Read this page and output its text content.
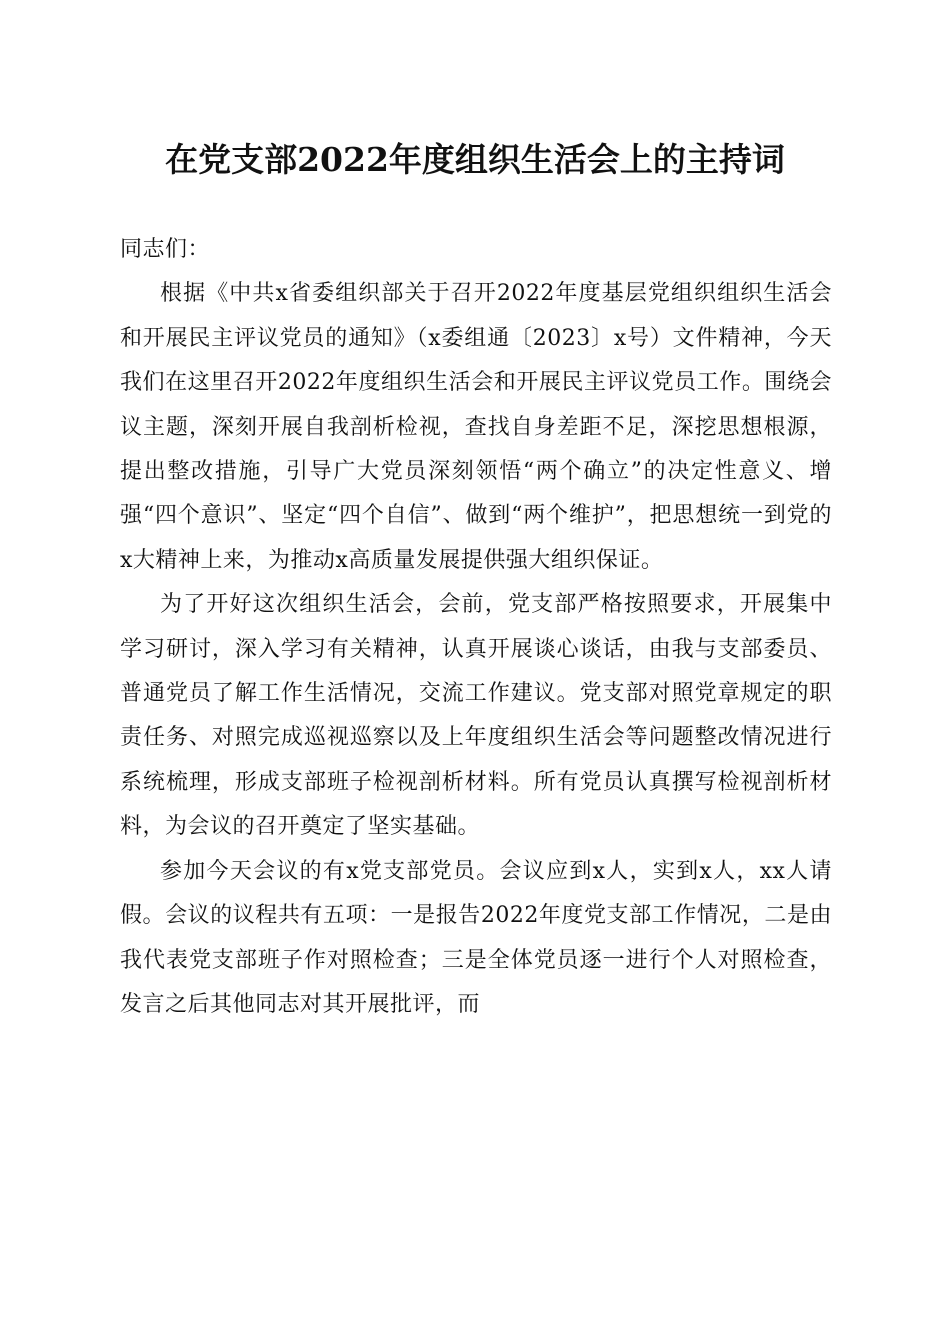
在党支部2022年度组织生活会上的主持词

同志们：

根据《中共x省委组织部关于召开2022年度基层党组织组织生活会和开展民主评议党员的通知》（x委组通〔2023〕x号）文件精神，今天我们在这里召开2022年度组织生活会和开展民主评议党员工作。围绕会议主题，深刻开展自我剖析检视，查找自身差距不足，深挖思想根源，提出整改措施，引导广大党员深刻领悟“两个确立”的决定性意义、增强“四个意识”、坚定“四个自信”、做到“两个维护”，把思想统一到党的x大精神上来，为推动x高质量发展提供强大组织保证。

为了开好这次组织生活会，会前，党支部严格按照要求，开展集中学习研讨，深入学习有关精神，认真开展谈心谈话，由我与支部委员、普通党员了解工作生活情况，交流工作建议。党支部对照党章规定的职责任务、对照完成巡视巡察以及上年度组织生活会等问题整改情况进行系统梳理，形成支部班子检视剖析材料。所有党员认真撰写检视剖析材料，为会议的召开奠定了坚实基础。

参加今天会议的有x党支部党员。会议应到x人，实到x人，xx人请假。会议的议程共有五项：一是报告2022年度党支部工作情况，二是由我代表党支部班子作对照检查；三是全体党员逐一进行个人对照检查，发言之后其他同志对其开展批评，而
